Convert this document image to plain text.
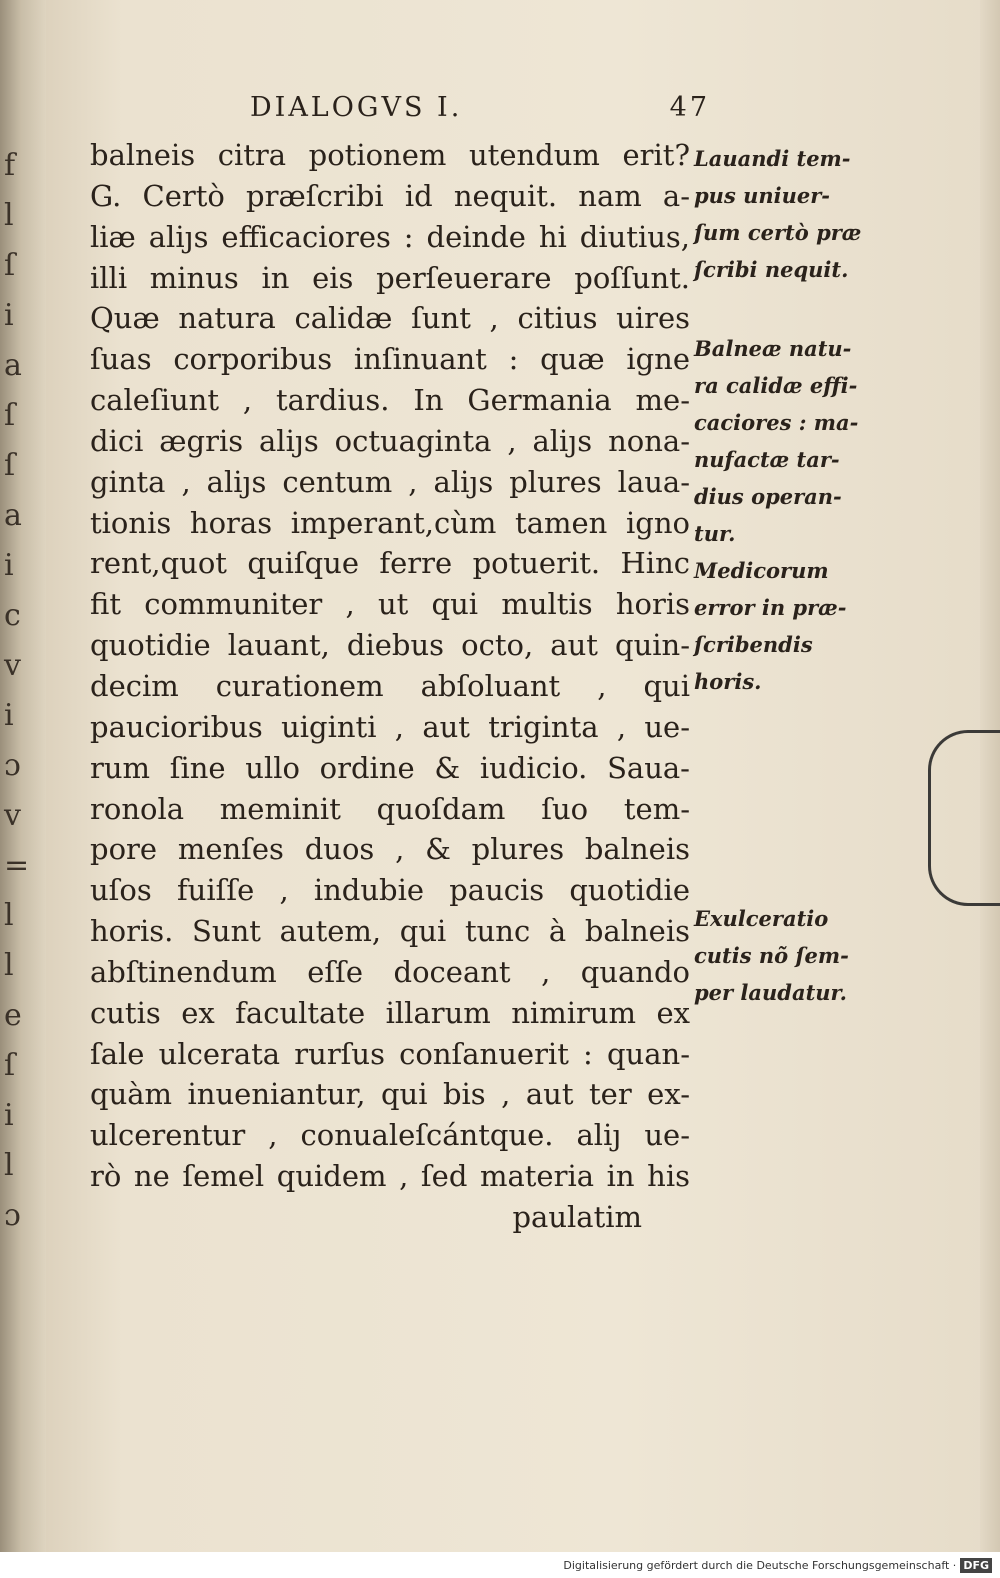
f
l
ſ
i
a
ſ
ſ
a
i
c
v
i
ɔ
v
=
l
l
e
ſ
i
l
ɔ
DIALOGVS I.	47
balneis citra potionem utendum erit?
G. Certò præſcribi id nequit. nam a-
liæ aliȷs efficaciores : deinde hi diutius,
illi minus in eis perſeuerare poſſunt.
Quæ natura calidæ ſunt , citius uires
ſuas corporibus inſinuant : quæ igne
caleſiunt , tardius. In Germania me-
dici ægris aliȷs octuaginta , aliȷs nona-
ginta , aliȷs centum , aliȷs plures laua-
tionis horas imperant,cùm tamen igno
rent,quot quiſque ferre potuerit. Hinc
fit communiter , ut qui multis horis
quotidie lauant, diebus octo, aut quin-
decim curationem abſoluant , qui
paucioribus uiginti , aut triginta , ue-
rum ſine ullo ordine & iudicio. Saua-
ronola meminit quoſdam ſuo tem-
pore menſes duos , & plures balneis
uſos fuiſſe , indubie paucis quotidie
horis. Sunt autem, qui tunc à balneis
abſtinendum eſſe doceant , quando
cutis ex facultate illarum nimirum ex
ſale ulcerata rurſus conſanuerit : quan-
quàm inueniantur, qui bis , aut ter ex-
ulcerentur , conualeſcántque. aliȷ ue-
rò ne ſemel quidem , ſed materia in his
paulatim
Lauandi tem-
pus uniuer-
ſum certò præ
ſcribi nequit.
Balneæ natu-
ra calidæ effi-
caciores : ma-
nufactæ tar-
dius operan-
tur.
Medicorum
error in præ-
ſcribendis
horis.
Exulceratio
cutis nõ ſem-
per laudatur.
Digitalisierung gefördert durch die Deutsche Forschungsgemeinschaft · DFG
